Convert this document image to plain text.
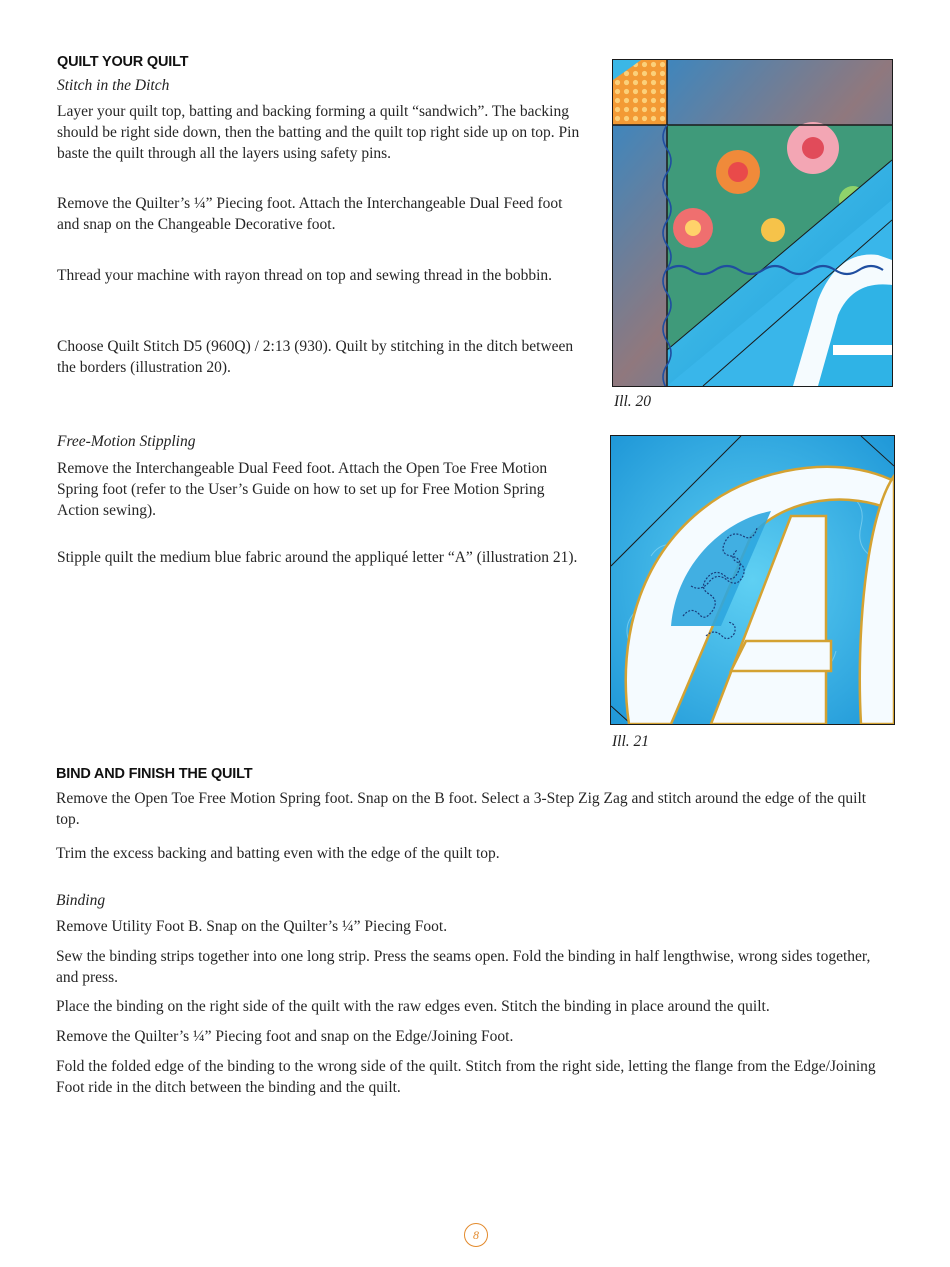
QUILT YOUR QUILT

Stitch in the Ditch

Layer your quilt top, batting and backing forming a quilt “sandwich”. The backing should be right side down, then the batting and the quilt top right side up on top. Pin baste the quilt through all the layers using safety pins.

Remove the Quilter’s ¼” Piecing foot. Attach the Interchangeable Dual Feed foot and snap on the Changeable Decorative foot.

Thread your machine with rayon thread on top and sewing thread in the bobbin.

Choose Quilt Stitch D5 (960Q) / 2:13 (930). Quilt by stitching in the ditch between the borders (illustration 20).

Ill. 20

Free-Motion Stippling

Remove the Interchangeable Dual Feed foot. Attach the Open Toe Free Motion Spring foot (refer to the User’s Guide on how to set up for Free Motion Spring Action sewing).

Stipple quilt the medium blue fabric around the appliqué letter “A” (illustration 21).

Ill. 21

BIND AND FINISH THE QUILT

Remove the Open Toe Free Motion Spring foot. Snap on the B foot. Select a 3-Step Zig Zag and stitch around the edge of the quilt top.

Trim the excess backing and batting even with the edge of the quilt top.

Binding

Remove Utility Foot B. Snap on the Quilter’s ¼” Piecing Foot.

Sew the binding strips together into one long strip. Press the seams open. Fold the binding in half lengthwise, wrong sides together, and press.

Place the binding on the right side of the quilt with the raw edges even. Stitch the binding in place around the quilt.

Remove the Quilter’s ¼” Piecing foot and snap on the Edge/Joining Foot.

Fold the folded edge of the binding to the wrong side of the quilt. Stitch from the right side, letting the flange from the Edge/Joining Foot ride in the ditch between the binding and the quilt.

8
